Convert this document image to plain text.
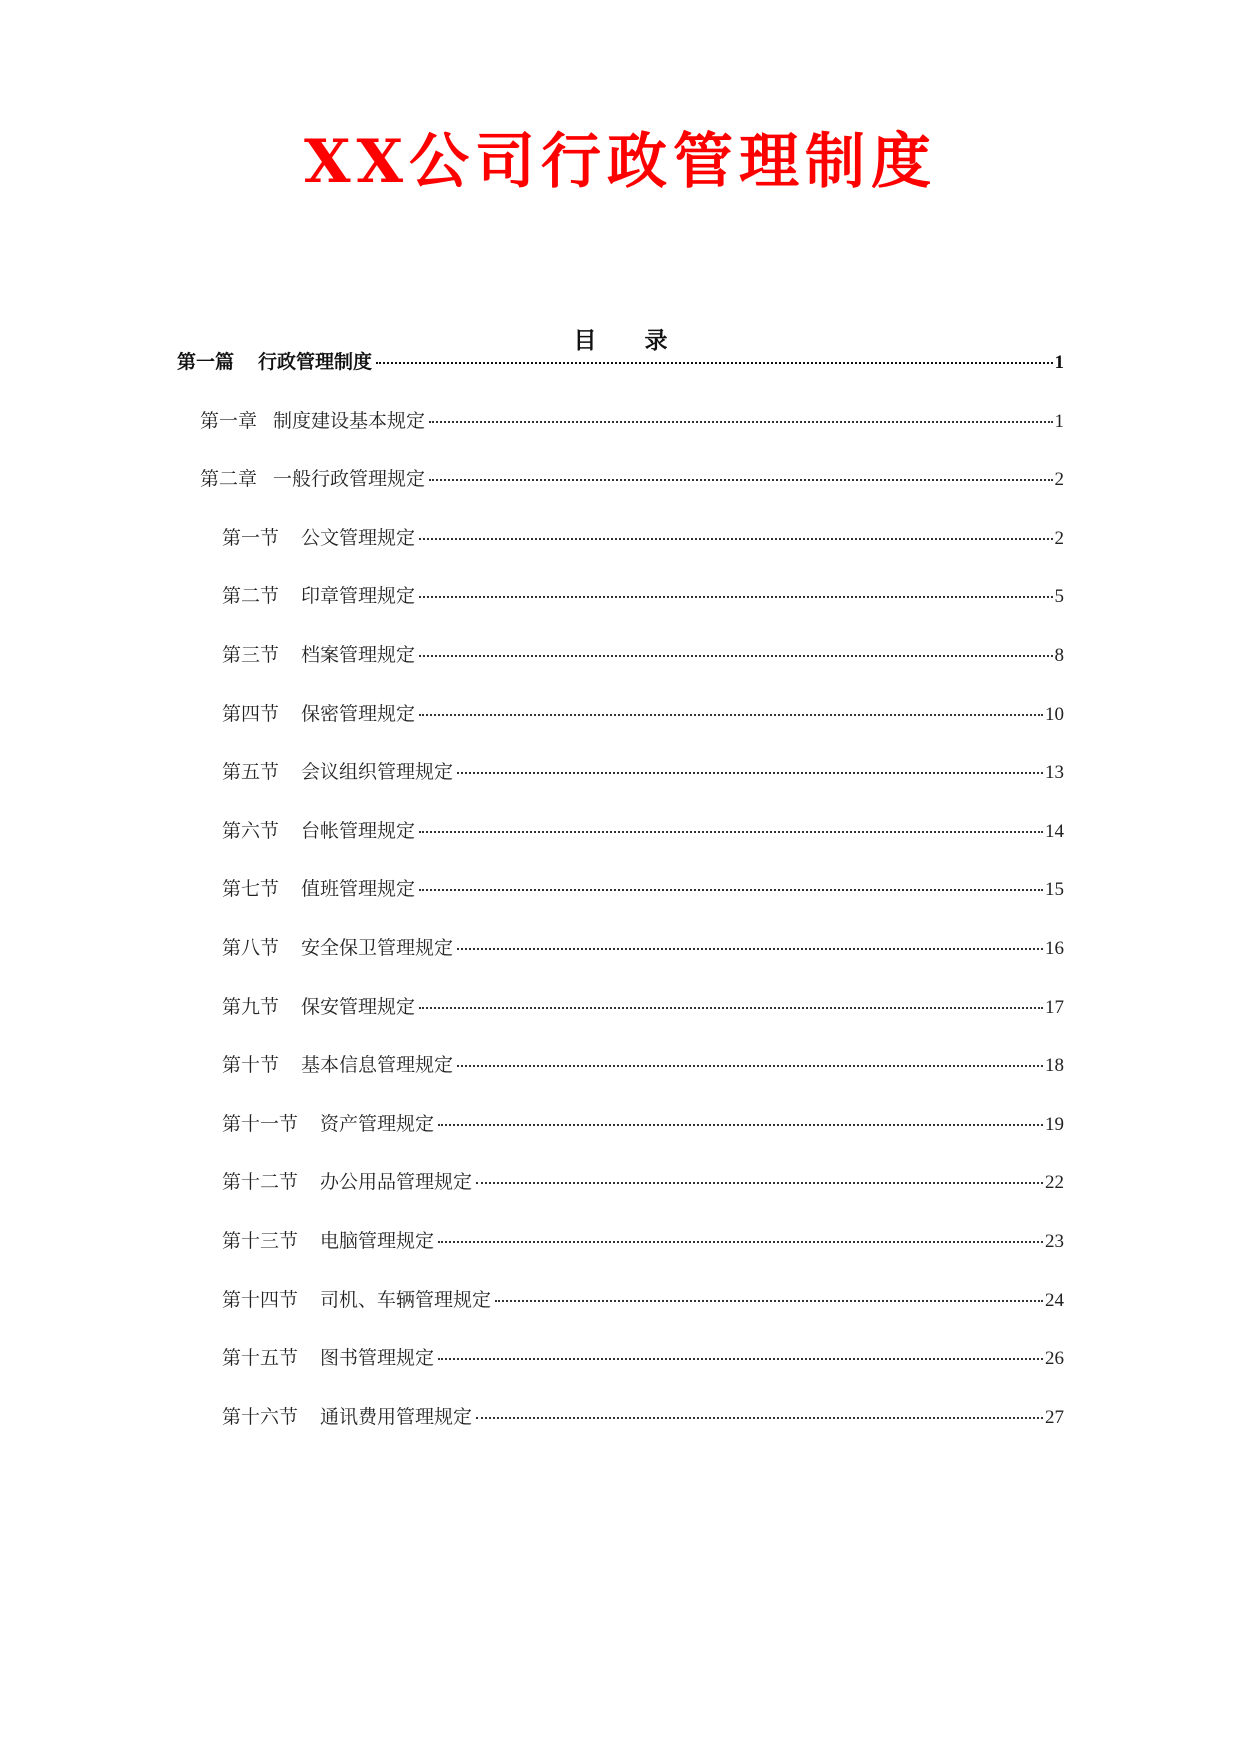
XX公司行政管理制度
目 录
第一篇 行政管理制度	1
第一章 制度建设基本规定	1
第二章 一般行政管理规定	2
第一节 公文管理规定	2
第二节 印章管理规定	5
第三节 档案管理规定	8
第四节 保密管理规定	10
第五节 会议组织管理规定	13
第六节 台帐管理规定	14
第七节 值班管理规定	15
第八节 安全保卫管理规定	16
第九节 保安管理规定	17
第十节 基本信息管理规定	18
第十一节 资产管理规定	19
第十二节 办公用品管理规定	22
第十三节 电脑管理规定	23
第十四节 司机、车辆管理规定	24
第十五节 图书管理规定	26
第十六节 通讯费用管理规定	27
